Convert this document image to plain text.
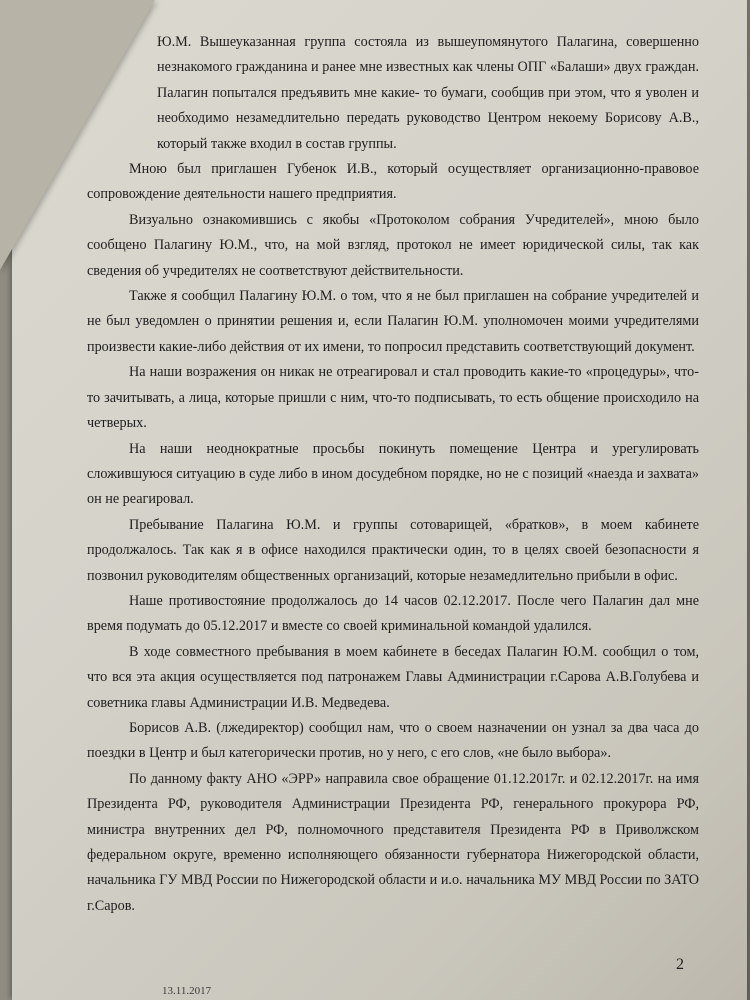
Ю.М. Вышеуказанная группа состояла из вышеупомянутого Палагина, совершенно незнакомого гражданина и ранее мне известных как члены ОПГ «Балаши» двух граждан. Палагин попытался предъявить мне какие- то бумаги, сообщив при этом, что я уволен и необходимо незамедлительно передать руководство Центром некоему Борисову А.В., который также входил в состав группы.

Мною был приглашен Губенок И.В., который осуществляет организационно-правовое сопровождение деятельности нашего предприятия.

Визуально ознакомившись с якобы «Протоколом собрания Учредителей», мною было сообщено Палагину Ю.М., что, на мой взгляд, протокол не имеет юридической силы, так как сведения об учредителях не соответствуют действительности.

Также я сообщил Палагину Ю.М. о том, что я не был приглашен на собрание учредителей и не был уведомлен о принятии решения и, если Палагин Ю.М. уполномочен моими учредителями произвести какие-либо действия от их имени, то попросил представить соответствующий документ.

На наши возражения он никак не отреагировал и стал проводить какие-то «процедуры», что-то зачитывать, а лица, которые пришли с ним, что-то подписывать, то есть общение происходило на четверых.

На наши неоднократные просьбы покинуть помещение Центра и урегулировать сложившуюся ситуацию в суде либо в ином досудебном порядке, но не с позиций «наезда и захвата» он не реагировал.

Пребывание Палагина Ю.М. и группы сотоварищей, «братков», в моем кабинете продолжалось. Так как я в офисе находился практически один, то в целях своей безопасности я позвонил руководителям общественных организаций, которые незамедлительно прибыли в офис.

Наше противостояние продолжалось до 14 часов 02.12.2017. После чего Палагин дал мне время подумать до 05.12.2017 и вместе со своей криминальной командой удалился.

В ходе совместного пребывания в моем кабинете в беседах Палагин Ю.М. сообщил о том, что вся эта акция осуществляется под патронажем Главы Администрации г.Сарова А.В.Голубева и советника главы Администрации И.В. Медведева.

Борисов А.В. (лжедиректор) сообщил нам, что о своем назначении он узнал за два часа до поездки в Центр и был категорически против, но у него, с его слов, «не было выбора».

По данному факту АНО «ЭРР» направила свое обращение 01.12.2017г. и 02.12.2017г. на имя Президента РФ, руководителя Администрации Президента РФ, генерального прокурора РФ, министра внутренних дел РФ, полномочного представителя Президента РФ в Приволжском федеральном округе, временно исполняющего обязанности губернатора Нижегородской области, начальника ГУ МВД России по Нижегородской области и и.о. начальника МУ МВД России по ЗАТО г.Саров.

2
13.11.2017
